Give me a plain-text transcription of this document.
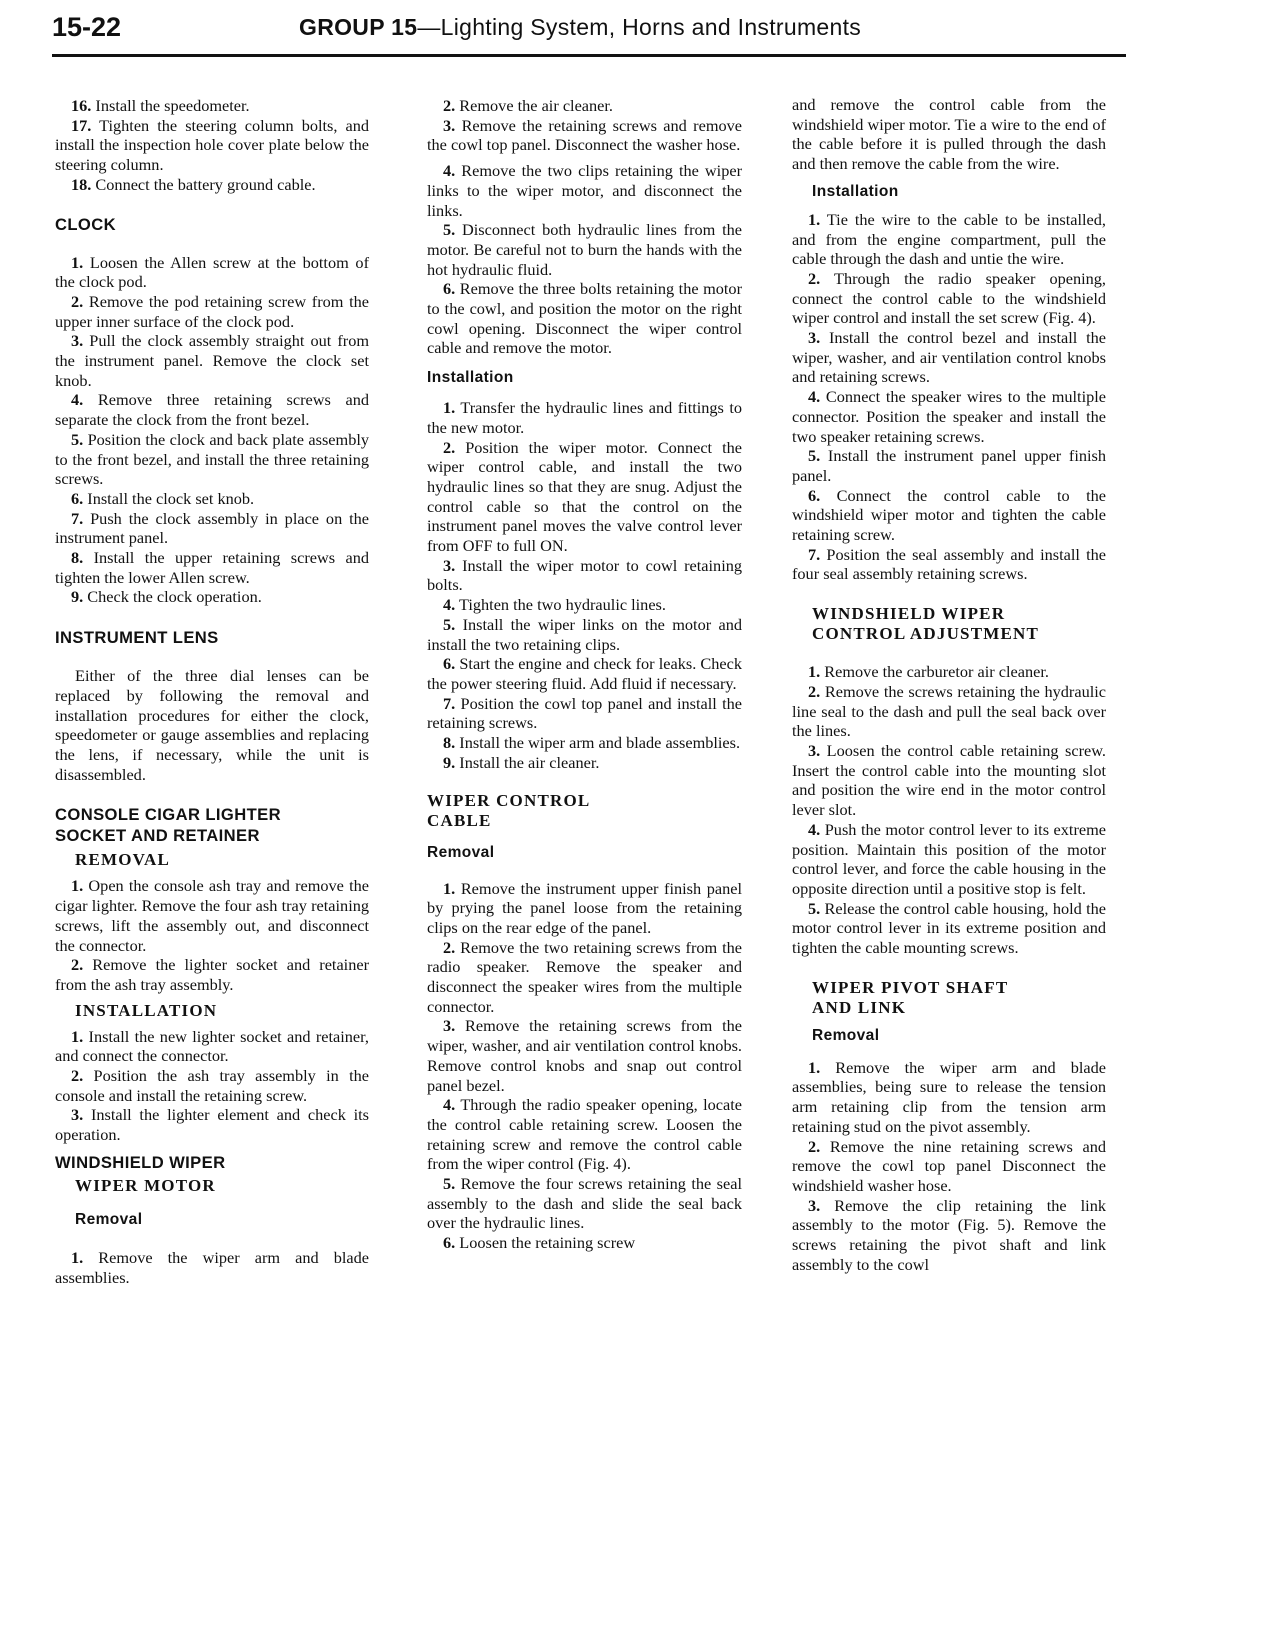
15-22	GROUP 15—Lighting System, Horns and Instruments

16. Install the speedometer.

17. Tighten the steering column bolts, and install the inspection hole cover plate below the steering column.

18. Connect the battery ground cable.

CLOCK

1. Loosen the Allen screw at the bottom of the clock pod.

2. Remove the pod retaining screw from the upper inner surface of the clock pod.

3. Pull the clock assembly straight out from the instrument panel. Remove the clock set knob.

4. Remove three retaining screws and separate the clock from the front bezel.

5. Position the clock and back plate assembly to the front bezel, and install the three retaining screws.

6. Install the clock set knob.

7. Push the clock assembly in place on the instrument panel.

8. Install the upper retaining screws and tighten the lower Allen screw.

9. Check the clock operation.

INSTRUMENT LENS

Either of the three dial lenses can be replaced by following the removal and installation procedures for either the clock, speedometer or gauge assemblies and replacing the lens, if necessary, while the unit is disassembled.

CONSOLE CIGAR LIGHTER
SOCKET AND RETAINER
REMOVAL

1. Open the console ash tray and remove the cigar lighter. Remove the four ash tray retaining screws, lift the assembly out, and disconnect the connector.

2. Remove the lighter socket and retainer from the ash tray assembly.

INSTALLATION

1. Install the new lighter socket and retainer, and connect the connector.

2. Position the ash tray assembly in the console and install the retaining screw.

3. Install the lighter element and check its operation.

WINDSHIELD WIPER
WIPER MOTOR
Removal

1. Remove the wiper arm and blade assemblies.

2. Remove the air cleaner.

3. Remove the retaining screws and remove the cowl top panel. Disconnect the washer hose.

4. Remove the two clips retaining the wiper links to the wiper motor, and disconnect the links.

5. Disconnect both hydraulic lines from the motor. Be careful not to burn the hands with the hot hydraulic fluid.

6. Remove the three bolts retaining the motor to the cowl, and position the motor on the right cowl opening. Disconnect the wiper control cable and remove the motor.

Installation

1. Transfer the hydraulic lines and fittings to the new motor.

2. Position the wiper motor. Connect the wiper control cable, and install the two hydraulic lines so that they are snug. Adjust the control cable so that the control on the instrument panel moves the valve control lever from OFF to full ON.

3. Install the wiper motor to cowl retaining bolts.

4. Tighten the two hydraulic lines.

5. Install the wiper links on the motor and install the two retaining clips.

6. Start the engine and check for leaks. Check the power steering fluid. Add fluid if necessary.

7. Position the cowl top panel and install the retaining screws.

8. Install the wiper arm and blade assemblies.

9. Install the air cleaner.

WIPER CONTROL
CABLE
Removal

1. Remove the instrument upper finish panel by prying the panel loose from the retaining clips on the rear edge of the panel.

2. Remove the two retaining screws from the radio speaker. Remove the speaker and disconnect the speaker wires from the multiple connector.

3. Remove the retaining screws from the wiper, washer, and air ventilation control knobs. Remove control knobs and snap out control panel bezel.

4. Through the radio speaker opening, locate the control cable retaining screw. Loosen the retaining screw and remove the control cable from the wiper control (Fig. 4).

5. Remove the four screws retaining the seal assembly to the dash and slide the seal back over the hydraulic lines.

6. Loosen the retaining screw

and remove the control cable from the windshield wiper motor. Tie a wire to the end of the cable before it is pulled through the dash and then remove the cable from the wire.

Installation

1. Tie the wire to the cable to be installed, and from the engine compartment, pull the cable through the dash and untie the wire.

2. Through the radio speaker opening, connect the control cable to the windshield wiper control and install the set screw (Fig. 4).

3. Install the control bezel and install the wiper, washer, and air ventilation control knobs and retaining screws.

4. Connect the speaker wires to the multiple connector. Position the speaker and install the two speaker retaining screws.

5. Install the instrument panel upper finish panel.

6. Connect the control cable to the windshield wiper motor and tighten the cable retaining screw.

7. Position the seal assembly and install the four seal assembly retaining screws.

WINDSHIELD WIPER
CONTROL ADJUSTMENT

1. Remove the carburetor air cleaner.

2. Remove the screws retaining the hydraulic line seal to the dash and pull the seal back over the lines.

3. Loosen the control cable retaining screw. Insert the control cable into the mounting slot and position the wire end in the motor control lever slot.

4. Push the motor control lever to its extreme position. Maintain this position of the motor control lever, and force the cable housing in the opposite direction until a positive stop is felt.

5. Release the control cable housing, hold the motor control lever in its extreme position and tighten the cable mounting screws.

WIPER PIVOT SHAFT
AND LINK
Removal

1. Remove the wiper arm and blade assemblies, being sure to release the tension arm retaining clip from the tension arm retaining stud on the pivot assembly.

2. Remove the nine retaining screws and remove the cowl top panel Disconnect the windshield washer hose.

3. Remove the clip retaining the link assembly to the motor (Fig. 5). Remove the screws retaining the pivot shaft and link assembly to the cowl
